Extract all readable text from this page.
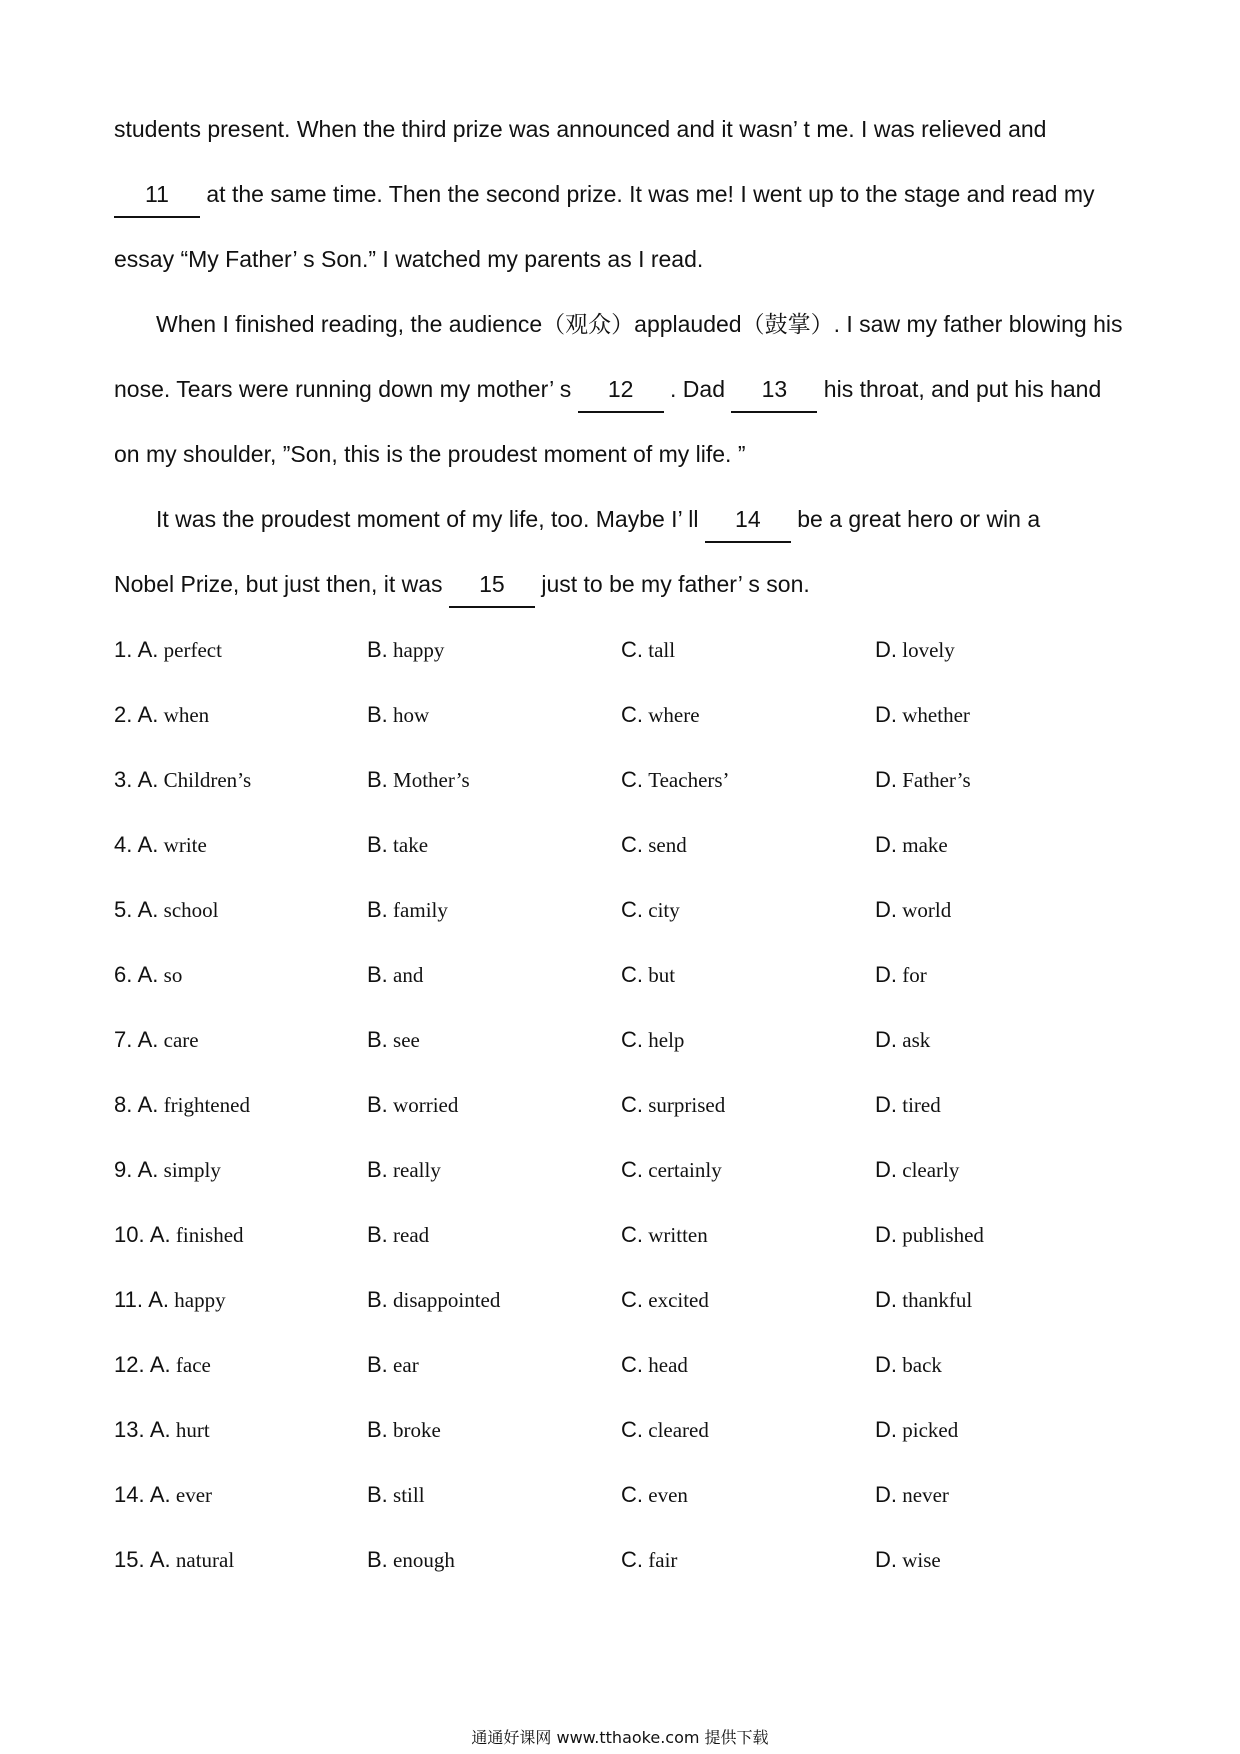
students present. When the third prize was announced and it wasn’ t me. I was relieved and
11 at the same time. Then the second prize. It was me! I went up to the stage and read my
essay “My Father’ s Son.” I watched my parents as I read.
When I finished reading, the audience（观众）applauded（鼓掌）. I saw my father blowing his
nose. Tears were running down my mother’ s 12 . Dad 13 his throat, and put his hand
on my shoulder, ”Son, this is the proudest moment of my life. ”
It was the proudest moment of my life, too. Maybe I’ ll 14 be a great hero or win a
Nobel Prize, but just then, it was 15 just to be my father’ s son.
1. A. perfect	B. happy	C. tall	D. lovely
2. A. when	B. how	C. where	D. whether
3. A. Children’s	B. Mother’s	C. Teachers’	D. Father’s
4. A. write	B. take	C. send	D. make
5. A. school	B. family	C. city	D. world
6. A. so	B. and	C. but	D. for
7. A. care	B. see	C. help	D. ask
8. A. frightened	B. worried	C. surprised	D. tired
9. A. simply	B. really	C. certainly	D. clearly
10. A. finished	B. read	C. written	D. published
11. A. happy	B. disappointed	C. excited	D. thankful
12. A. face	B. ear	C. head	D. back
13. A. hurt	B. broke	C. cleared	D. picked
14. A. ever	B. still	C. even	D. never
15. A. natural	B. enough	C. fair	D. wise
通通好课网 www.tthaoke.com 提供下载
